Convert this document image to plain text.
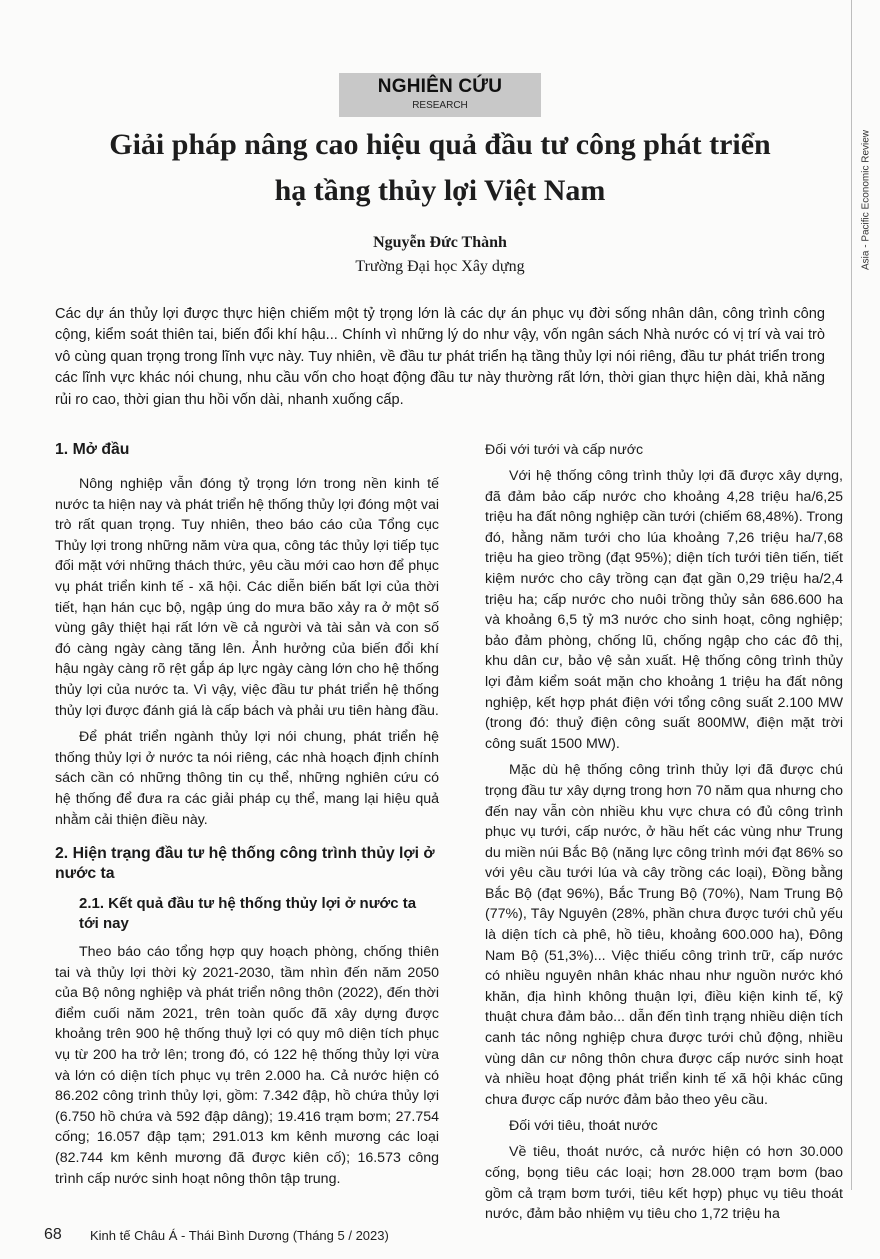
NGHIÊN CỨU
RESEARCH
Asia - Pacific Economic Review
Giải pháp nâng cao hiệu quả đầu tư công phát triển
hạ tầng thủy lợi Việt Nam
Nguyễn Đức Thành
Trường Đại học Xây dựng

Các dự án thủy lợi được thực hiện chiếm một tỷ trọng lớn là các dự án phục vụ đời sống nhân dân, công trình công cộng, kiểm soát thiên tai, biến đổi khí hậu... Chính vì những lý do như vậy, vốn ngân sách Nhà nước có vị trí và vai trò vô cùng quan trọng trong lĩnh vực này. Tuy nhiên, về đầu tư phát triển hạ tầng thủy lợi nói riêng, đầu tư phát triển trong các lĩnh vực khác nói chung, nhu cầu vốn cho hoạt động đầu tư này thường rất lớn, thời gian thực hiện dài, khả năng rủi ro cao, thời gian thu hồi vốn dài, nhanh xuống cấp.

1. Mở đầu

Nông nghiệp vẫn đóng tỷ trọng lớn trong nền kinh tế nước ta hiện nay và phát triển hệ thống thủy lợi đóng một vai trò rất quan trọng. Tuy nhiên, theo báo cáo của Tổng cục Thủy lợi trong những năm vừa qua, công tác thủy lợi tiếp tục đối mặt với những thách thức, yêu cầu mới cao hơn để phục vụ phát triển kinh tế - xã hội. Các diễn biến bất lợi của thời tiết, hạn hán cục bộ, ngập úng do mưa bão xảy ra ở một số vùng gây thiệt hại rất lớn về cả người và tài sản và con số đó càng ngày càng tăng lên. Ảnh hưởng của biến đổi khí hậu ngày càng rõ rệt gắp áp lực ngày càng lớn cho hệ thống thủy lợi của nước ta. Vì vậy, việc đầu tư phát triển hệ thống thủy lợi được đánh giá là cấp bách và phải ưu tiên hàng đầu.

Để phát triển ngành thủy lợi nói chung, phát triển hệ thống thủy lợi ở nước ta nói riêng, các nhà hoạch định chính sách cần có những thông tin cụ thể, những nghiên cứu có hệ thống để đưa ra các giải pháp cụ thể, mang lại hiệu quả nhằm cải thiện điều này.

2. Hiện trạng đầu tư hệ thống công trình thủy lợi ở nước ta
2.1. Kết quả đầu tư hệ thống thủy lợi ở nước ta tới nay

Theo báo cáo tổng hợp quy hoạch phòng, chống thiên tai và thủy lợi thời kỳ 2021-2030, tầm nhìn đến năm 2050 của Bộ nông nghiệp và phát triển nông thôn (2022), đến thời điểm cuối năm 2021, trên toàn quốc đã xây dựng được khoảng trên 900 hệ thống thuỷ lợi có quy mô diện tích phục vụ từ 200 ha trở lên; trong đó, có 122 hệ thống thủy lợi vừa và lớn có diện tích phục vụ trên 2.000 ha. Cả nước hiện có 86.202 công trình thủy lợi, gồm: 7.342 đập, hồ chứa thủy lợi (6.750 hồ chứa và 592 đập dâng); 19.416 trạm bơm; 27.754 cống; 16.057 đập tạm; 291.013 km kênh mương các loại (82.744 km kênh mương đã được kiên cố); 16.573 công trình cấp nước sinh hoạt nông thôn tập trung.

Đối với tưới và cấp nước

Với hệ thống công trình thủy lợi đã được xây dựng, đã đảm bảo cấp nước cho khoảng 4,28 triệu ha/6,25 triệu ha đất nông nghiệp cần tưới (chiếm 68,48%). Trong đó, hằng năm tưới cho lúa khoảng 7,26 triệu ha/7,68 triệu ha gieo trồng (đạt 95%); diện tích tưới tiên tiến, tiết kiệm nước cho cây trồng cạn đạt gần 0,29 triệu ha/2,4 triệu ha; cấp nước cho nuôi trồng thủy sản 686.600 ha và khoảng 6,5 tỷ m3 nước cho sinh hoạt, công nghiệp; bảo đảm phòng, chống lũ, chống ngập cho các đô thị, khu dân cư, bảo vệ sản xuất. Hệ thống công trình thủy lợi đảm kiểm soát mặn cho khoảng 1 triệu ha đất nông nghiệp, kết hợp phát điện với tổng công suất 2.100 MW (trong đó: thuỷ điện công suất 800MW, điện mặt trời công suất 1500 MW).

Mặc dù hệ thống công trình thủy lợi đã được chú trọng đầu tư xây dựng trong hơn 70 năm qua nhưng cho đến nay vẫn còn nhiều khu vực chưa có đủ công trình phục vụ tưới, cấp nước, ở hầu hết các vùng như Trung du miền núi Bắc Bộ (năng lực công trình mới đạt 86% so với yêu cầu tưới lúa và cây trồng các loại), Đồng bằng Bắc Bộ (đạt 96%), Bắc Trung Bộ (70%), Nam Trung Bộ (77%), Tây Nguyên (28%, phần chưa được tưới chủ yếu là diện tích cà phê, hồ tiêu, khoảng 600.000 ha), Đông Nam Bộ (51,3%)... Việc thiếu công trình trữ, cấp nước có nhiều nguyên nhân khác nhau như nguồn nước khó khăn, địa hình không thuận lợi, điều kiện kinh tế, kỹ thuật chưa đảm bảo... dẫn đến tình trạng nhiều diện tích canh tác nông nghiệp chưa được tưới chủ động, nhiều vùng dân cư nông thôn chưa được cấp nước sinh hoạt và nhiều hoạt động phát triển kinh tế xã hội khác cũng chưa được cấp nước đảm bảo theo yêu cầu.

Đối với tiêu, thoát nước

Về tiêu, thoát nước, cả nước hiện có hơn 30.000 cống, bọng tiêu các loại; hơn 28.000 trạm bơm (bao gồm cả trạm bơm tưới, tiêu kết hợp) phục vụ tiêu thoát nước, đảm bảo nhiệm vụ tiêu cho 1,72 triệu ha

68 Kinh tế Châu Á - Thái Bình Dương (Tháng 5 / 2023)
